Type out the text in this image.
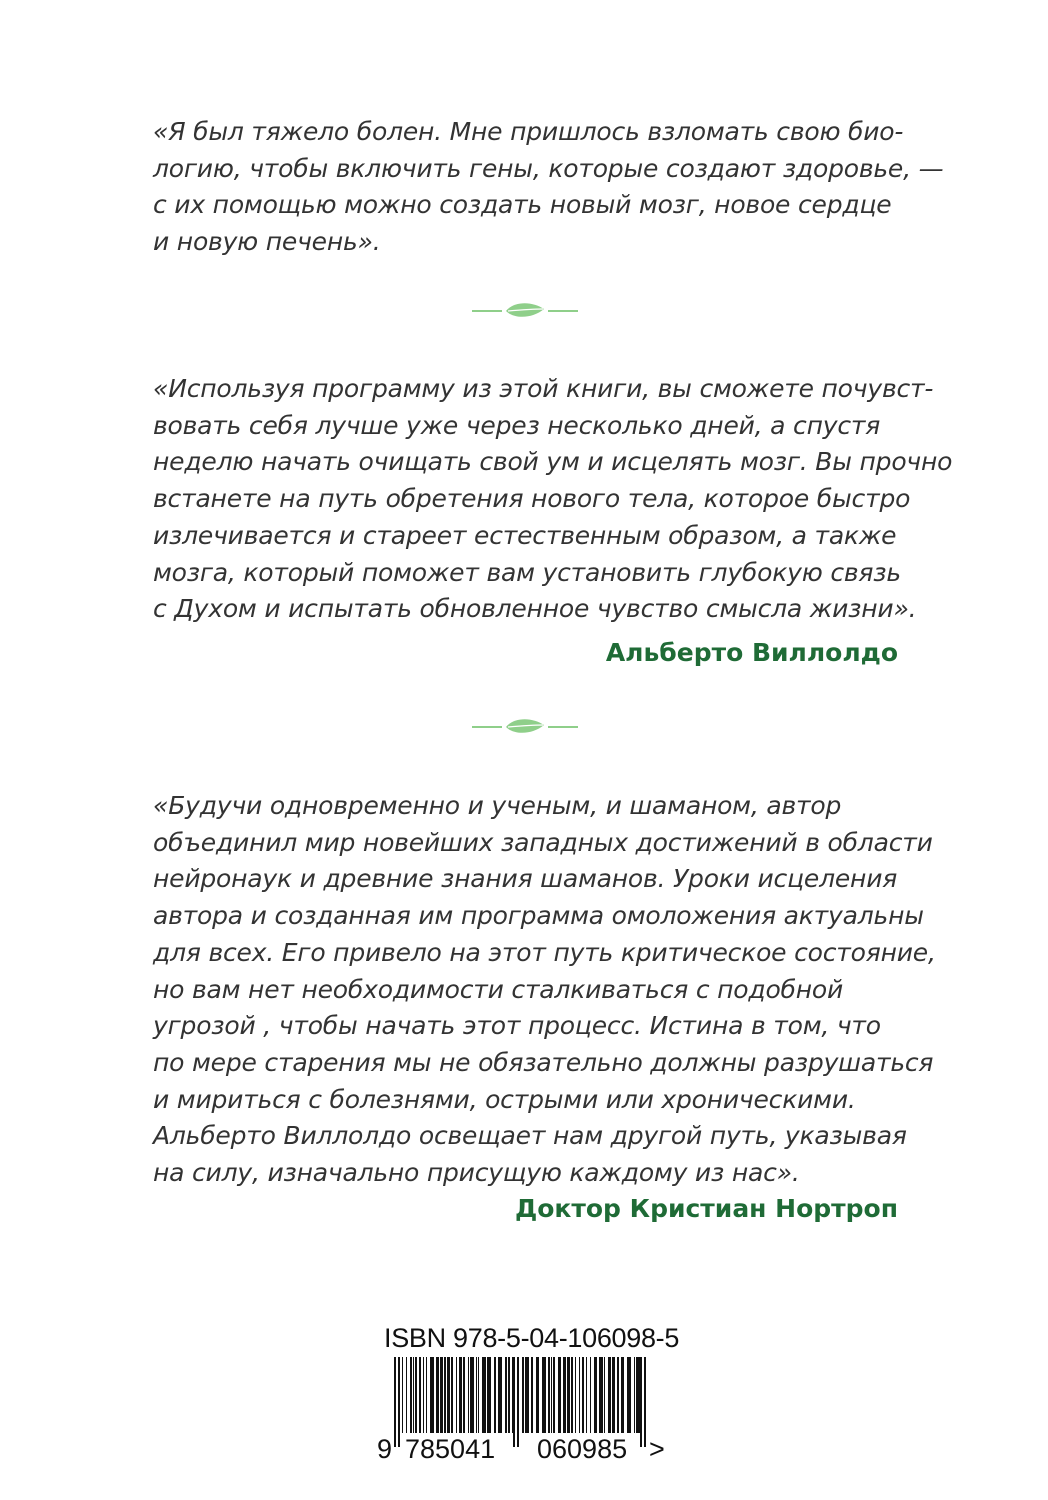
«Я был тяжело болен. Мне пришлось взломать свою био-
логию, чтобы включить гены, которые создают здоровье, —
с их помощью можно создать новый мозг, новое сердце
и новую печень».
«Используя программу из этой книги, вы сможете почувст-
вовать себя лучше уже через несколько дней, а спустя
неделю начать очищать свой ум и исцелять мозг. Вы прочно
встанете на путь обретения нового тела, которое быстро
излечивается и стареет естественным образом, а также
мозга, который поможет вам установить глубокую связь
с Духом и испытать обновленное чувство смысла жизни».
Альберто Виллолдо
«Будучи одновременно и ученым, и шаманом, автор
объединил мир новейших западных достижений в области
нейронаук и древние знания шаманов. Уроки исцеления
автора и созданная им программа омоложения актуальны
для всех. Его привело на этот путь критическое состояние,
но вам нет необходимости сталкиваться с подобной
угрозой , чтобы начать этот процесс. Истина в том, что
по мере старения мы не обязательно должны разрушаться
и мириться с болезнями, острыми или хроническими.
Альберто Виллолдо освещает нам другой путь, указывая
на силу, изначально присущую каждому из нас».
Доктор Кристиан Нортроп
ISBN 978-5-04-106098-5
9 785041 060985 >
